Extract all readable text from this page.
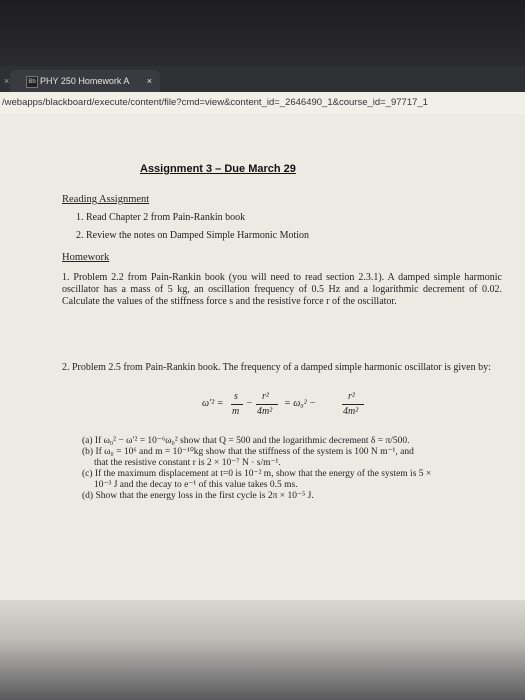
×	Bb PHY 250 Homework A ×
/webapps/blackboard/execute/content/file?cmd=view&content_id=_2646490_1&course_id=_97717_1
Assignment 3 – Due March 29
Reading Assignment
1. Read Chapter 2 from Pain-Rankin book
2. Review the notes on Damped Simple Harmonic Motion
Homework
1. Problem 2.2 from Pain-Rankin book (you will need to read section 2.3.1). A damped simple harmonic oscillator has a mass of 5 kg, an oscillation frequency of 0.5 Hz and a logarithmic decrement of 0.02. Calculate the values of the stiffness force s and the resistive force r of the oscillator.
2. Problem 2.5 from Pain-Rankin book. The frequency of a damped simple harmonic oscillator is given by:
ω′² =
s
m
−
r²
4m²
= ω₀² −
r²
4m²
(a) If ω₀² − ω′² = 10⁻⁶ω₀² show that Q = 500 and the logarithmic decrement δ = π/500.
(b) If ω₀ = 10⁶ and m = 10⁻¹⁰kg show that the stiffness of the system is 100 N m⁻¹, and
that the resistive constant r is 2 × 10⁻⁷ N · s/m⁻¹.
(c) If the maximum displacement at t=0 is 10⁻² m, show that the energy of the system is 5 ×
10⁻³ J and the decay to e⁻¹ of this value takes 0.5 ms.
(d) Show that the energy loss in the first cycle is 2π × 10⁻⁵ J.
